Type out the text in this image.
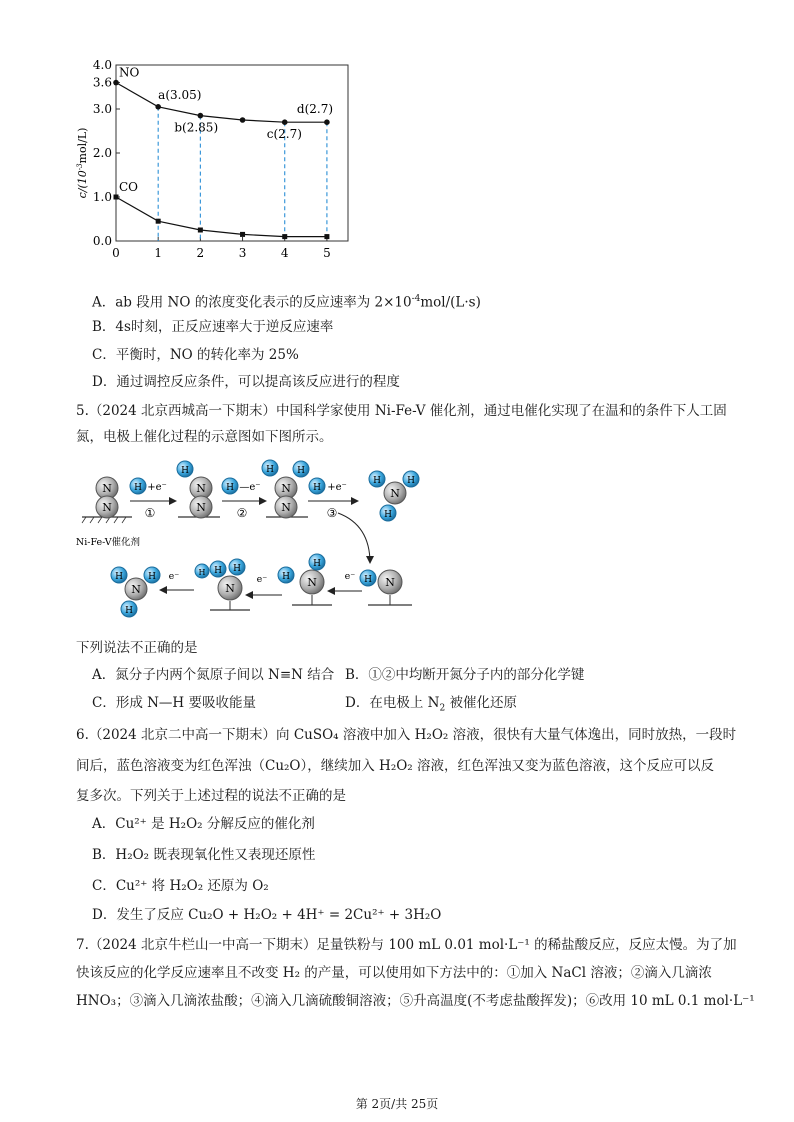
4.0
3.6
3.0
2.0
1.0
0.0
0	1	2	3	4	5
$c/(10^{-3}mol/L)$
NO
CO
a(3.05)
b(2.85)	c(2.7)
d(2.7)
A．ab 段用 NO 的浓度变化表示的反应速率为 $2\times 10^{-4}mol/(L\cdot s)$
B．4s时刻，正反应速率大于逆反应速率
C．平衡时，NO 的转化率为 25%
D．通过调控反应条件，可以提高该反应进行的程度
5.（2024 北京西城高一下期末）中国科学家使用 Ni-Fe-V 催化剂，通过电催化实现了在温和的条件下人工固
氮，电极上催化过程的示意图如下图所示。
N
N
Ni-Fe-V催化剂
H +e⁻
①
H
N
N
H —e⁻
②
H	H
N
N
H +e⁻
③
N
H	H
H
N
H
e⁻
N
H
H
e⁻
N
H H
H
e⁻
N
H	H
H
下列说法不正确的是
A．氮分子内两个氮原子间以 N≡N 结合 B．①②中均断开氮分子内的部分化学键
C．形成 N—H 要吸收能量	D．在电极上 $N_2$ 被催化还原
6.（2024 北京二中高一下期末）向 CuSO₄ 溶液中加入 H₂O₂ 溶液，很快有大量气体逸出，同时放热，一段时
间后，蓝色溶液变为红色浑浊（Cu₂O），继续加入 H₂O₂ 溶液，红色浑浊又变为蓝色溶液，这个反应可以反
复多次。下列关于上述过程的说法不正确的是
A．Cu²⁺ 是 H₂O₂ 分解反应的催化剂
B．H₂O₂ 既表现氧化性又表现还原性
C．Cu²⁺ 将 H₂O₂ 还原为 O₂
D．发生了反应 Cu₂O + H₂O₂ + 4H⁺ = 2Cu²⁺ + 3H₂O
7.（2024 北京牛栏山一中高一下期末）足量铁粉与 100 mL 0.01 mol·L⁻¹ 的稀盐酸反应，反应太慢。为了加
快该反应的化学反应速率且不改变 H₂ 的产量，可以使用如下方法中的：①加入 NaCl 溶液；②滴入几滴浓
HNO₃；③滴入几滴浓盐酸；④滴入几滴硫酸铜溶液；⑤升高温度(不考虑盐酸挥发)；⑥改用 10 mL 0.1 mol·L⁻¹
第 2页/共 25页
